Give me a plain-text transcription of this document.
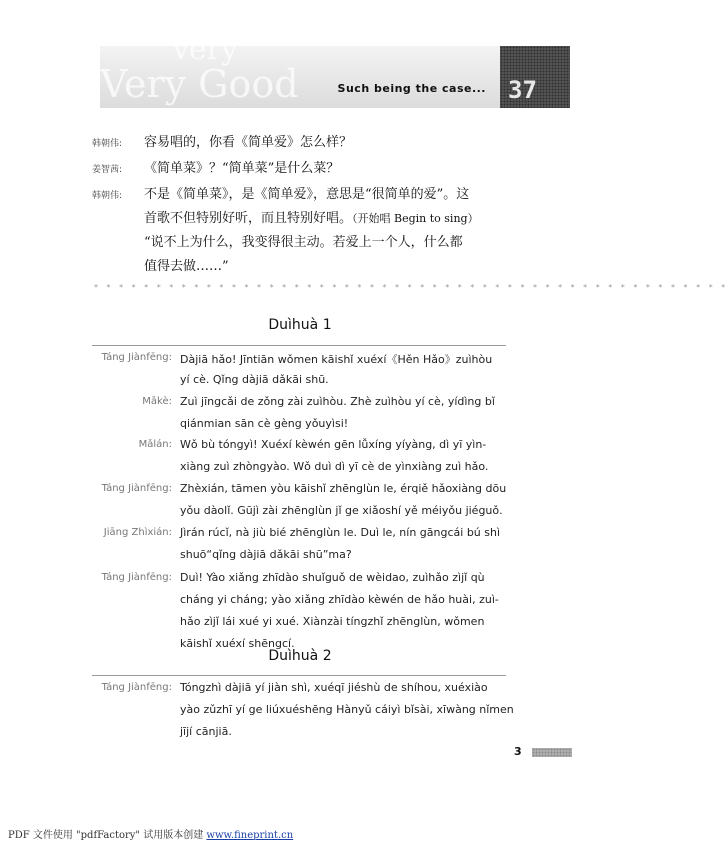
Very
Very Good	Such being the case... 37
韩朝伟:	容易唱的，你看《简单爱》怎么样？
姜智茜:	《简单菜》？“简单菜”是什么菜？
韩朝伟:	不是《简单菜》，是《简单爱》，意思是“很简单的爱”。这
首歌不但特别好听，而且特别好唱。（开始唱 Begin to sing）
“说不上为什么，我变得很主动。若爱上一个人，什么都
值得去做……”
* * * * * * * * * * * * * * * * * * * * * * * * * * * * * * * * * * * * * * * * * * * * * * * * * * *
Duìhuà 1
Táng Jiànfēng: Dàjiā hǎo! Jīntiān wǒmen kāishǐ xuéxí《Hěn Hǎo》zuìhòu
yí cè. Qǐng dàjiā dǎkāi shū.
Mǎkè: Zuì jīngcǎi de zǒng zài zuìhòu. Zhè zuìhòu yí cè, yídìng bǐ
qiánmian sān cè gèng yǒuyìsi!
Mǎlán: Wǒ bù tóngyì! Xuéxí kèwén gēn lǚxíng yíyàng, dì yī yìn-
xiàng zuì zhòngyào. Wǒ duì dì yī cè de yìnxiàng zuì hǎo.
Táng Jiànfēng: Zhèxián, tāmen yòu kāishǐ zhēnglùn le, érqiě hǎoxiàng dōu
yǒu dàolǐ. Gūjì zài zhēnglùn jǐ ge xiǎoshí yě méiyǒu jiéguǒ.
Jiāng Zhìxián: Jìrán rúcǐ, nà jiù bié zhēnglùn le. Duì le, nín gāngcái bú shì
shuō“qǐng dàjiā dǎkāi shū”ma?
Táng Jiànfēng: Duì! Yào xiǎng zhīdào shuǐguǒ de wèidao, zuìhǎo zìjǐ qù
cháng yi cháng; yào xiǎng zhīdào kèwén de hǎo huài, zuì-
hǎo zìjǐ lái xué yi xué. Xiànzài tíngzhǐ zhēnglùn, wǒmen
kāishǐ xuéxí shēngcí.
Duìhuà 2
Táng Jiànfēng: Tóngzhì dàjiā yí jiàn shì, xuéqī jiéshù de shíhou, xuéxiào
yào zǔzhī yí ge liúxuéshēng Hànyǔ cáiyì bǐsài, xīwàng nǐmen
jījí cānjiā.
3
PDF 文件使用 "pdfFactory" 试用版本创建 www.fineprint.cn
